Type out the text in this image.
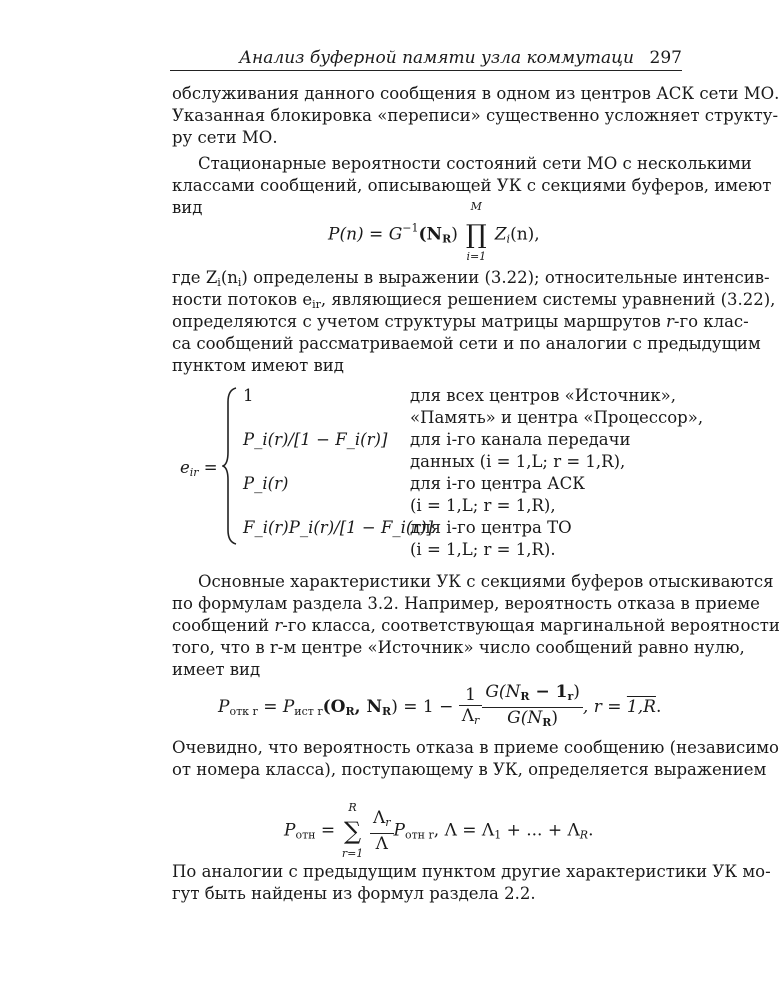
Анализ буферной памяти узла коммутаци 297
обслуживания данного сообщения в одном из центров АСК сети МО.
Указанная блокировка «переписи» существенно усложняет структу-
ру сети МО.
Стационарные вероятности состояний сети МО с несколькими
классами сообщений, описывающей УК с секциями буферов, имеют
вид
$P(n) = G^{-1}(N_R)$
M
∏
i=1
$Z_i(n)$,
где $Z_i(n_i)$ определены в выражении (3.22); относительные интенсив-
ности потоков $e_{ir}$, являющиеся решением системы уравнений (3.22),
определяются с учетом структуры матрицы маршрутов r-го клас-
са сообщений рассматриваемой сети и по аналогии с предыдущим
пунктом имеют вид
$e_{ir}$ =
1	для всех центров «Источник»,
«Память» и центра «Процессор»,
P_i(r)/[1 − F_i(r)] для i-го канала передачи
данных (i = 1,L; r = 1,R),
P_i(r)	для i-го центра АСК
(i = 1,L; r = 1,R),
F_i(r)P_i(r)/[1 − F_i(r)]
для i-го центра ТО
(i = 1,L; r = 1,R).
Основные характеристики УК с секциями буферов отыскиваются
по формулам раздела 3.2. Например, вероятность отказа в приеме
сообщений r-го класса, соответствующая маргинальной вероятности
того, что в r-м центре «Источник» число сообщений равно нулю,
имеет вид
$P_{отк r} = P_{ист r}(O_R$, $N_R) = 1 - \frac{1}{\Lambda_r} \frac{G(N_R - 1_r)}{G(N_R)}$ , r = 1,R.
Очевидно, что вероятность отказа в приеме сообщению (независимо
от номера класса), поступающему в УК, определяется выражением
$P_{отн}$ =
R
∑
r=1
$\frac{\Lambda_r}{\Lambda} P_{отн r}$, $\Lambda = \Lambda_1$ + ... + $\Lambda_R$.
По аналогии с предыдущим пунктом другие характеристики УК мо-
гут быть найдены из формул раздела 2.2.
